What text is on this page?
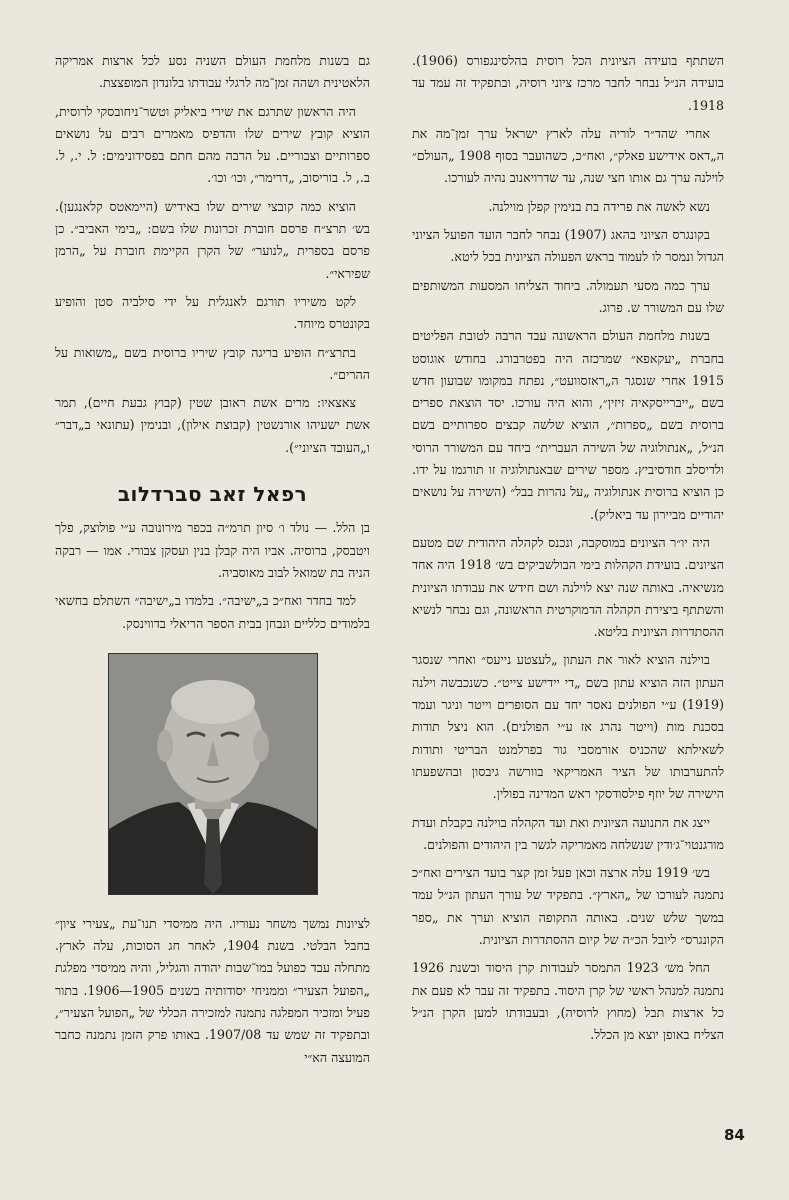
השתתף בועידה הציונית הכל רוסית בהלסינגפורס (1906). בועידה הנ״ל נבחר לחבר מרכז ציוני רוסיה, ובתפקיד זה עמד עד 1918.

אחרי שהד״ר לוריה עלה לארץ ישראל ערך זמן־מה את ה„דאס אידישע פאלק״, ואח״כ, כשהועבר בסוף 1908 „העולם״ לוילנה ערך גם אותו חצי שנה, עד שדרויאנוב נהיה לעורכו.

נשא לאשה את פרידה בת בנימין קפלן מוילנה.

בקונגרס הציוני בהאג (1907) נבחר לחבר הועד הפועל הציוני הגדול ונמסר לו לעמוד בראש הפעולה הציונית בכל ליטא.

ערך כמה מסעי תעמולה. ביחוד הצליחו המסעות המשותפים שלו עם המשורר ש. פרוג.

בשנות מלחמת העולם הראשונה עבד הרבה לטובת הפליטים בחברת „יעקאפא״ שמרכזה היה בפטרבורג. בחודש אוגוסט 1915 אחרי שנסגר ה„ראזסוועט״, נפתח במקומו שבועון חדש בשם „ייברייסקאיה זיזין״, והוא היה עורכו. יסד הוצאת ספרים ברוסית בשם „ספרות״, הוציא שלשה קבצים ספרותיים בשם הנ״ל, „אנתולוגיה של השירה העברית״ ביחד עם המשורר הרוסי ולדיסלב חודסיביץ. מספר שירים שבאנתולוגיה זו תורגמו על ידו. כן הוציא ברוסית אנתולוגיה „על נהרות בבל״ (השירה על נושאים יהודיים מביירון עד ביאליק).

היה יו״ר הציונים במוסקבה, ונכנס לקהלה היהודית שם מטעם הציונים. בועידת הקהלות בימי הבולשביקים בש׳ 1918 היה אחד מנשיאיה. באותה שנה יצא לוילנה ושם חידש את עבודתו הציונית והשתתף ביצירת הקהלה הדמוקרטית הראשונה, וגם נבחר לנשיא ההסתדרות הציונית בליטא.

בוילנה הוציא לאור את העתון „לעצטע נייעס״ ואחרי שנסגר העתון הזה הוציא עתון בשם „די יידישע צייט״. כשנכבשה וילנה (1919) ע״י הפולנים נאסר יחד עם הסופרים וייטר וניגר ועמד בסכנת מות (וייטר נהרג אז ע״י הפולנים). הוא ניצל תודות לשאילתא שהכניס אורמסבי גור בפרלמנט הבריטי ותודות להתערבותו של הציר האמריקאי בוורשה גיבסון ובהשפעתו הישירה של יוזף פילסודסקי ראש המדינה בפולין.

ייצג את התנועה הציונית ואת ועד הקהלה בוילנה בקבלת ועדת מורגנטוי־ג׳ודין שנשלחה מאמריקה לגשר בין היהודים והפולנים.

בש׳ 1919 עלה ארצה וכאן פעל זמן קצר בועד הצירים ואח״כ נתמנה לעורכו של „הארץ״. בתפקיד של עורך העתון הנ״ל עמד במשך שלש שנים. באותה התקופה הוציא וערך את „ספר הקונגרס״ ליובל הכ״ה של קיום ההסתדרות הציונית.

החל מש׳ 1923 התמסר לעבודות קרן היסוד ובשנת 1926 נתמנה למנהל ראשי של קרן היסוד. בתפקיד זה עבר לא פעם את כל ארצות תבל (מחוץ לרוסיה), ובעבודתו למען הקרן הנ״ל הצליח באופן יוצא מן הכלל.

גם בשנות מלחמת העולם השניה נסע לכל ארצות אמריקה הלאטינית ושהה זמן־מה לרגלי עבודתו בלונדון המופצצת.

היה הראשון שתרגם את שירי ביאליק וטשר־ניחובסקי לרוסית, הוציא קובץ שירים שלו והדפיס מאמרים רבים על נושאים ספרותיים וצבוריים. על הרבה מהם חתם בפסידונימים: ל. י., ל. ב., ל. בוריסוב, „דרימר״, וכו׳ וכו׳.

הוציא כמה קובצי שירים שלו באידיש (היימאטס קלאנגען). בש׳ תרצ״ח פרסם חוברת זכרונות שלו בשם: „בימי האביב״. כן פרסם בספרית „לנוער״ של הקרן הקיימת חוברת על „הרמן שפיראי״.

לקט משיריו תורגם לאנגלית על ידי סילביה סטן והופיע בקונטרס מיוחד.

בתרצ״ח הופיע בריגה קובץ שיריו ברוסית בשם „משואות על ההרים״.

צאצאיו: מרים אשת ראובן שטין (קבוץ גבעת חיים), תמר אשת ישעיהו אורנשטין (קבוצת אילון), ובנימין (עתונאי ב„דבר״ ו„העובד הציוני״).

רפאל זאב סברדלוב

בן הלל. — נולד ו׳ סיון תרמ״ה בכפר מירונובה ע״י פולוצק, פלך ויטבסק, ברוסיה. אביו היה קבלן בנין ועסקן צבורי. אמו — רבקה הניה בת שמואל לבוב מאוסביה.

למד בחדר ואח״כ ב„ישיבה״. בלמדו ב„ישיבה״ השתלם בחשאי בלמודים כלליים ונבחן בבית הספר הריאלי בדווינסק.

לציונות נמשך משחר נעוריו. היה ממיסדי תנו־עת „צעירי ציון״ בחבל הבלטי. בשנת 1904, לאחר חג הסוכות, עלה לארץ. מתחלה עבד כפועל במו־שבות יהודה והגליל, והיה ממיסדי מפלגת „הפועל הצעיר״ וממניחי יסודותיה בשנים 1905—1906. בתור פעיל ומזכיר המפלגה נתמנה למזכירה הכללי של „הפועל הצעיר״, ובתפקיד זה שמש עד 1907/08. באותו פרק הזמן נתמנה כחבר המועצה הא״י

84
